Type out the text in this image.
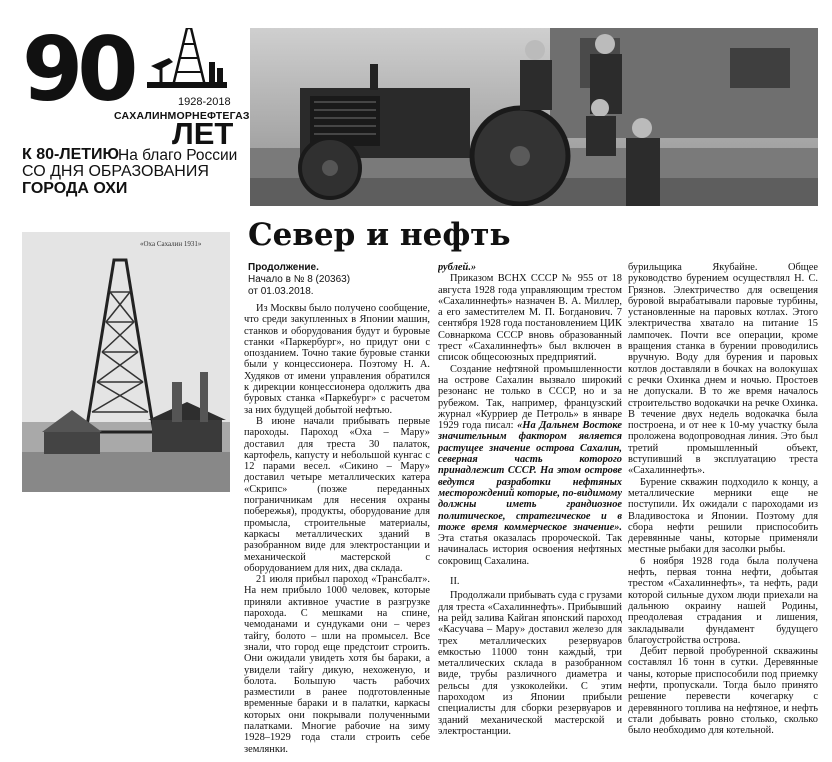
90	1928-2018
САХАЛИНМОРНЕФТЕГАЗ
ЛЕТ
На благо России
К 80-ЛЕТИЮ
СО ДНЯ ОБРАЗОВАНИЯ
ГОРОДА ОХИ
«Оха Сахалин 1931» Север и нефть
Продолжение.
Начало в № 8 (20363)
от 01.03.2018.

Из Москвы было получено сообщение, что среди закупленных в Японии машин, станков и оборудования будут и буровые станки «Паркербург», но придут они с опозданием. Точно такие буровые станки были у концессионера. Поэтому Н. А. Худяков от имени управления обратился к дирекции концессионера одолжить два буровых станка «Паркебург» с расчетом за них будущей добытой нефтью.

В июне начали прибывать первые пароходы. Пароход «Оха – Мару» доставил для треста 30 палаток, картофель, капусту и небольшой кунгас с 12 парами весел. «Сикино – Мару» доставил четыре металлических катера «Скрипс» (позже переданных пограничникам для несения охраны побережья), продукты, оборудование для промысла, строительные материалы, каркасы металлических зданий в разобранном виде для электростанции и механической мастерской с оборудованием для них, два склада.

21 июля прибыл пароход «Трансбалт». На нем прибыло 1000 человек, которые приняли активное участие в разгрузке парохода. С мешками на спине, чемоданами и сундуками они – через тайгу, болото – шли на промысел. Все знали, что город еще предстоит строить. Они ожидали увидеть хотя бы бараки, а увидели тайгу дикую, нехоженую, и болота. Большую часть рабочих разместили в ранее подготовленные временные бараки и в палатки, каркасы которых они покрывали полученными палатками. Многие рабочие на зиму 1928–1929 года стали строить себе землянки.

рублей.»

Приказом ВСНХ СССР № 955 от 18 августа 1928 года управляющим трестом «Сахалиннефть» назначен В. А. Миллер, а его заместителем М. П. Богданович. 7 сентября 1928 года постановлением ЦИК Совнаркома СССР вновь образованный трест «Сахалиннефть» был включен в список общесоюзных предприятий.

Создание нефтяной промышленности на острове Сахалин вызвало широкий резонанс не только в СССР, но и за рубежом. Так, например, французский журнал «Курриер де Петроль» в январе 1929 года писал: «На Дальнем Востоке значительным фактором является растущее значение острова Сахалин, северная часть которого принадлежит СССР. На этом острове ведутся разработки нефтяных месторождений которые, по-видимому должны иметь грандиозное политическое, стратегическое и в тоже время коммерческое значение». Эта статья оказалась пророческой. Так начиналась история освоения нефтяных сокровищ Сахалина.

II.

Продолжали прибывать суда с грузами для треста «Сахалиннефть». Прибывший на рейд залива Кайган японский пароход «Касучава – Мару» доставил железо для трех металлических резервуаров емкостью 11000 тонн каждый, три металлических склада в разобранном виде, трубы различного диаметра и рельсы для узкоколейки. С этим пароходом из Японии прибыли специалисты для сборки резервуаров и зданий механической мастерской и электростанции.

бурильщика Якубайне. Общее руководство бурением осуществлял Н. С. Грязнов. Электричество для освещения буровой вырабатывали паровые турбины, установленные на паровых котлах. Этого электричества хватало на питание 15 лампочек. Почти все операции, кроме вращения станка в бурении проводились вручную. Воду для бурения и паровых котлов доставляли в бочках на волокушах с речки Охинка днем и ночью. Простоев не допускали. В то же время началось строительство водокачки на речке Охинка. В течение двух недель водокачка была построена, и от нее к 10-му участку была проложена водопроводная линия. Это был третий промышленный объект, вступивший в эксплуатацию треста «Сахалиннефть».

Бурение скважин подходило к концу, а металлические мерники еще не поступили. Их ожидали с пароходами из Владивостока и Японии. Поэтому для сбора нефти решили приспособить деревянные чаны, которые применяли местные рыбаки для засолки рыбы.

6 ноября 1928 года была получена нефть, первая тонна нефти, добытая трестом «Сахалиннефть», та нефть, ради которой сильные духом люди приехали на дальнюю окраину нашей Родины, преодолевая страдания и лишения, закладывали фундамент будущего благоустройства острова.

Дебит первой пробуренной скважины составлял 16 тонн в сутки. Деревянные чаны, которые приспособили под приемку нефти, пропускали. Тогда было принято решение перевести кочегарку с деревянного топлива на нефтяное, и нефть стали добывать ровно столько, сколько было необходимо для котельной.
